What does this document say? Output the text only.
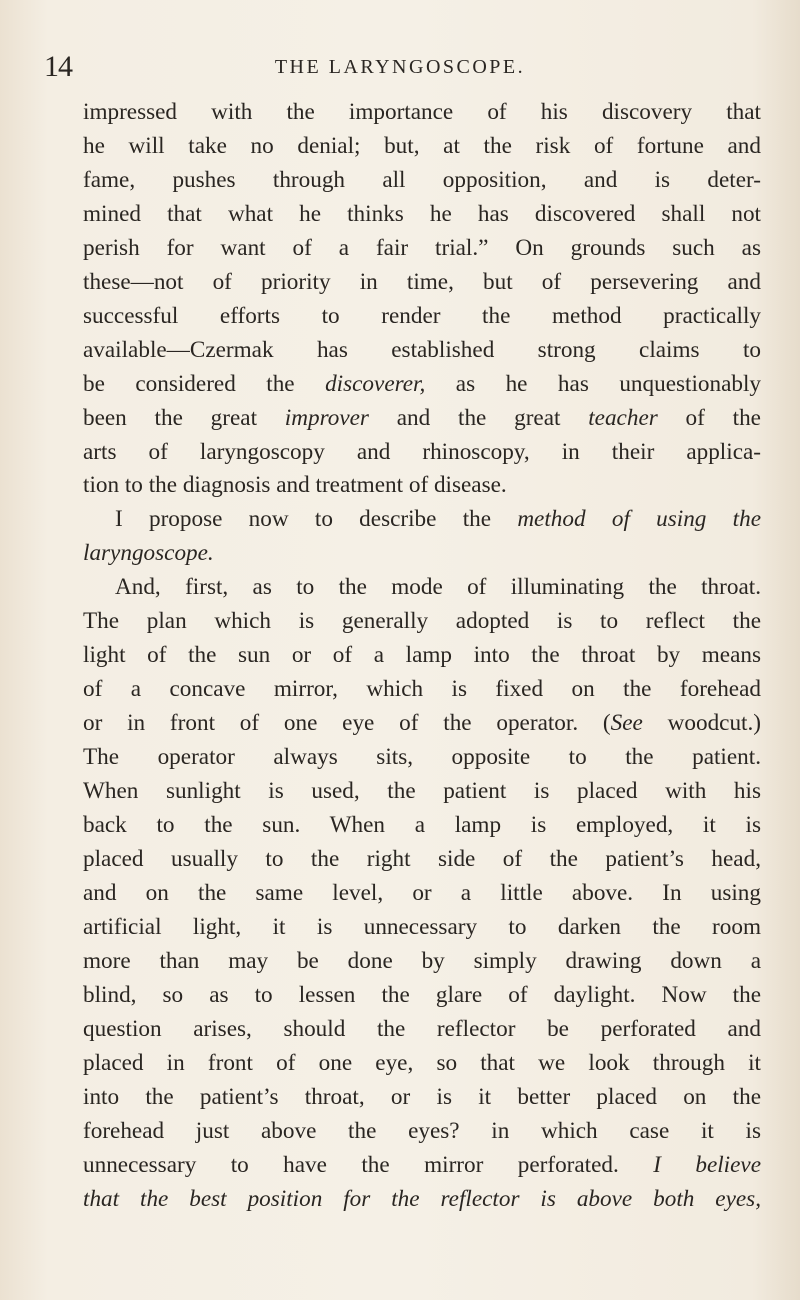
14	THE LARYNGOSCOPE.
impressed with the importance of his discovery that
he will take no denial; but, at the risk of fortune and
fame, pushes through all opposition, and is deter-
mined that what he thinks he has discovered shall not
perish for want of a fair trial.” On grounds such as
these—not of priority in time, but of persevering and
successful efforts to render the method practically
available—Czermak has established strong claims to
be considered the discoverer, as he has unquestionably
been the great improver and the great teacher of the
arts of laryngoscopy and rhinoscopy, in their applica-
tion to the diagnosis and treatment of disease.
I propose now to describe the method of using the
laryngoscope.
And, first, as to the mode of illuminating the throat.
The plan which is generally adopted is to reflect the
light of the sun or of a lamp into the throat by means
of a concave mirror, which is fixed on the forehead
or in front of one eye of the operator. (See woodcut.)
The operator always sits, opposite to the patient.
When sunlight is used, the patient is placed with his
back to the sun. When a lamp is employed, it is
placed usually to the right side of the patient’s head,
and on the same level, or a little above. In using
artificial light, it is unnecessary to darken the room
more than may be done by simply drawing down a
blind, so as to lessen the glare of daylight. Now the
question arises, should the reflector be perforated and
placed in front of one eye, so that we look through it
into the patient’s throat, or is it better placed on the
forehead just above the eyes? in which case it is
unnecessary to have the mirror perforated. I believe
that the best position for the reflector is above both eyes,
